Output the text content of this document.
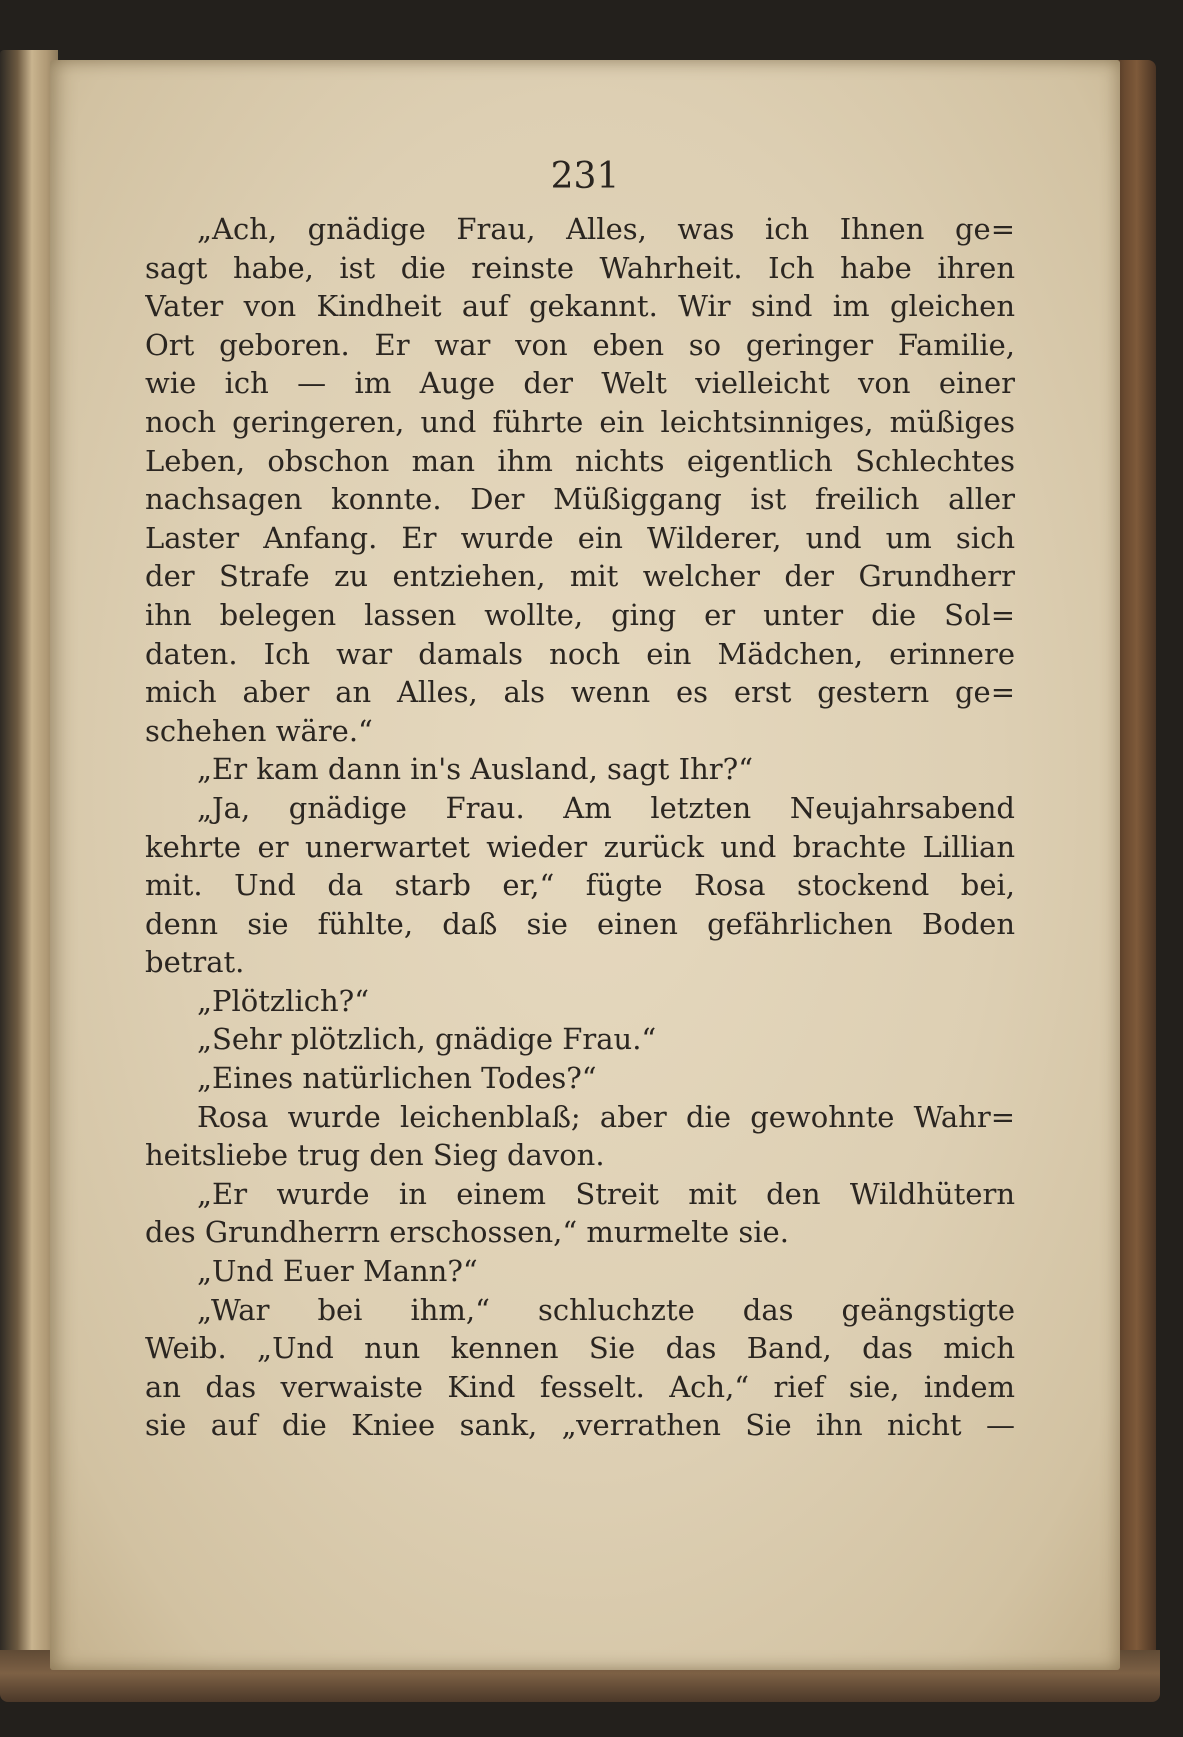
231
„Ach, gnädige Frau, Alles, was ich Ihnen ge=
sagt habe, ist die reinste Wahrheit. Ich habe ihren
Vater von Kindheit auf gekannt. Wir sind im gleichen
Ort geboren. Er war von eben so geringer Familie,
wie ich — im Auge der Welt vielleicht von einer
noch geringeren, und führte ein leichtsinniges, müßiges
Leben, obschon man ihm nichts eigentlich Schlechtes
nachsagen konnte. Der Müßiggang ist freilich aller
Laster Anfang. Er wurde ein Wilderer, und um sich
der Strafe zu entziehen, mit welcher der Grundherr
ihn belegen lassen wollte, ging er unter die Sol=
daten. Ich war damals noch ein Mädchen, erinnere
mich aber an Alles, als wenn es erst gestern ge=
schehen wäre.“
„Er kam dann in's Ausland, sagt Ihr?“
„Ja, gnädige Frau. Am letzten Neujahrsabend
kehrte er unerwartet wieder zurück und brachte Lillian
mit. Und da starb er,“ fügte Rosa stockend bei,
denn sie fühlte, daß sie einen gefährlichen Boden
betrat.
„Plötzlich?“
„Sehr plötzlich, gnädige Frau.“
„Eines natürlichen Todes?“
Rosa wurde leichenblaß; aber die gewohnte Wahr=
heitsliebe trug den Sieg davon.
„Er wurde in einem Streit mit den Wildhütern
des Grundherrn erschossen,“ murmelte sie.
„Und Euer Mann?“
„War bei ihm,“ schluchzte das geängstigte
Weib. „Und nun kennen Sie das Band, das mich
an das verwaiste Kind fesselt. Ach,“ rief sie, indem
sie auf die Kniee sank, „verrathen Sie ihn nicht —
